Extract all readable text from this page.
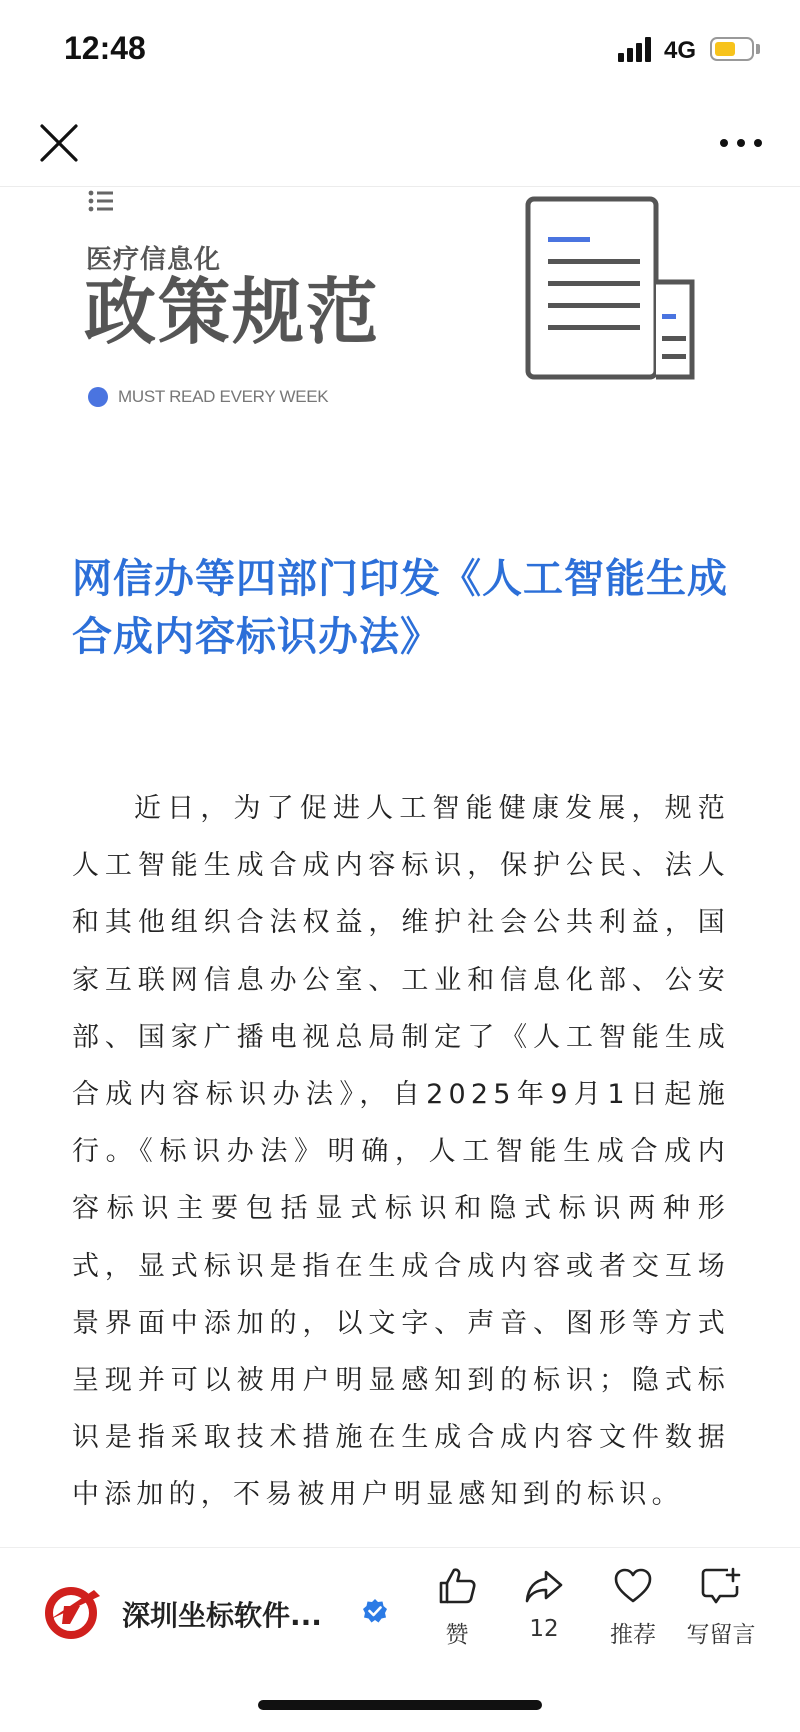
12:48	4G
医疗信息化
政策规范
MUST READ EVERY WEEK
网信办等四部门印发《人工智能生成合成内容标识办法》

近日，为了促进人工智能健康发展，规范人工智能生成合成内容标识，保护公民、法人和其他组织合法权益，维护社会公共利益，国家互联网信息办公室、工业和信息化部、公安部、国家广播电视总局制定了《人工智能生成合成内容标识办法》，自2025年9月1日起施行。《标识办法》明确，人工智能生成合成内容标识主要包括显式标识和隐式标识两种形式，显式标识是指在生成合成内容或者交互场景界面中添加的，以文字、声音、图形等方式呈现并可以被用户明显感知到的标识；隐式标识是指采取技术措施在生成合成内容文件数据中添加的，不易被用户明显感知到的标识。

深圳坐标软件...
赞	12	推荐	写留言
